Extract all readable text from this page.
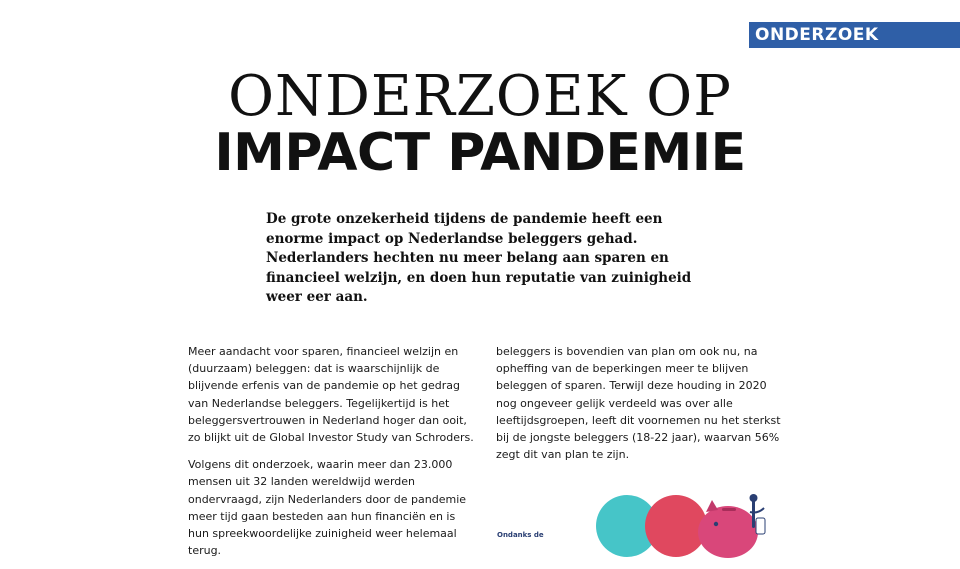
ONDERZOEK
ONDERZOEK OP
IMPACT PANDEMIE

De grote onzekerheid tijdens de pandemie heeft een enorme impact op Nederlandse beleggers gehad. Nederlanders hechten nu meer belang aan sparen en financieel welzijn, en doen hun reputatie van zuinigheid weer eer aan.

Meer aandacht voor sparen, financieel welzijn en (duurzaam) beleggen: dat is waarschijnlijk de blijvende erfenis van de pandemie op het gedrag van Nederlandse beleggers. Tegelijkertijd is het beleggersvertrouwen in Nederland hoger dan ooit, zo blijkt uit de Global Investor Study van Schroders.

Volgens dit onderzoek, waarin meer dan 23.000 mensen uit 32 landen wereldwijd werden ondervraagd, zijn Nederlanders door de pandemie meer tijd gaan besteden aan hun financiën en is hun spreekwoordelijke zuinigheid weer helemaal terug.

beleggers is bovendien van plan om ook nu, na opheffing van de beperkingen meer te blijven beleggen of sparen. Terwijl deze houding in 2020 nog ongeveer gelijk verdeeld was over alle leeftijdsgroepen, leeft dit voornemen nu het sterkst bij de jongste beleggers (18-22 jaar), waarvan 56% zegt dit van plan te zijn.

Ondanks de
